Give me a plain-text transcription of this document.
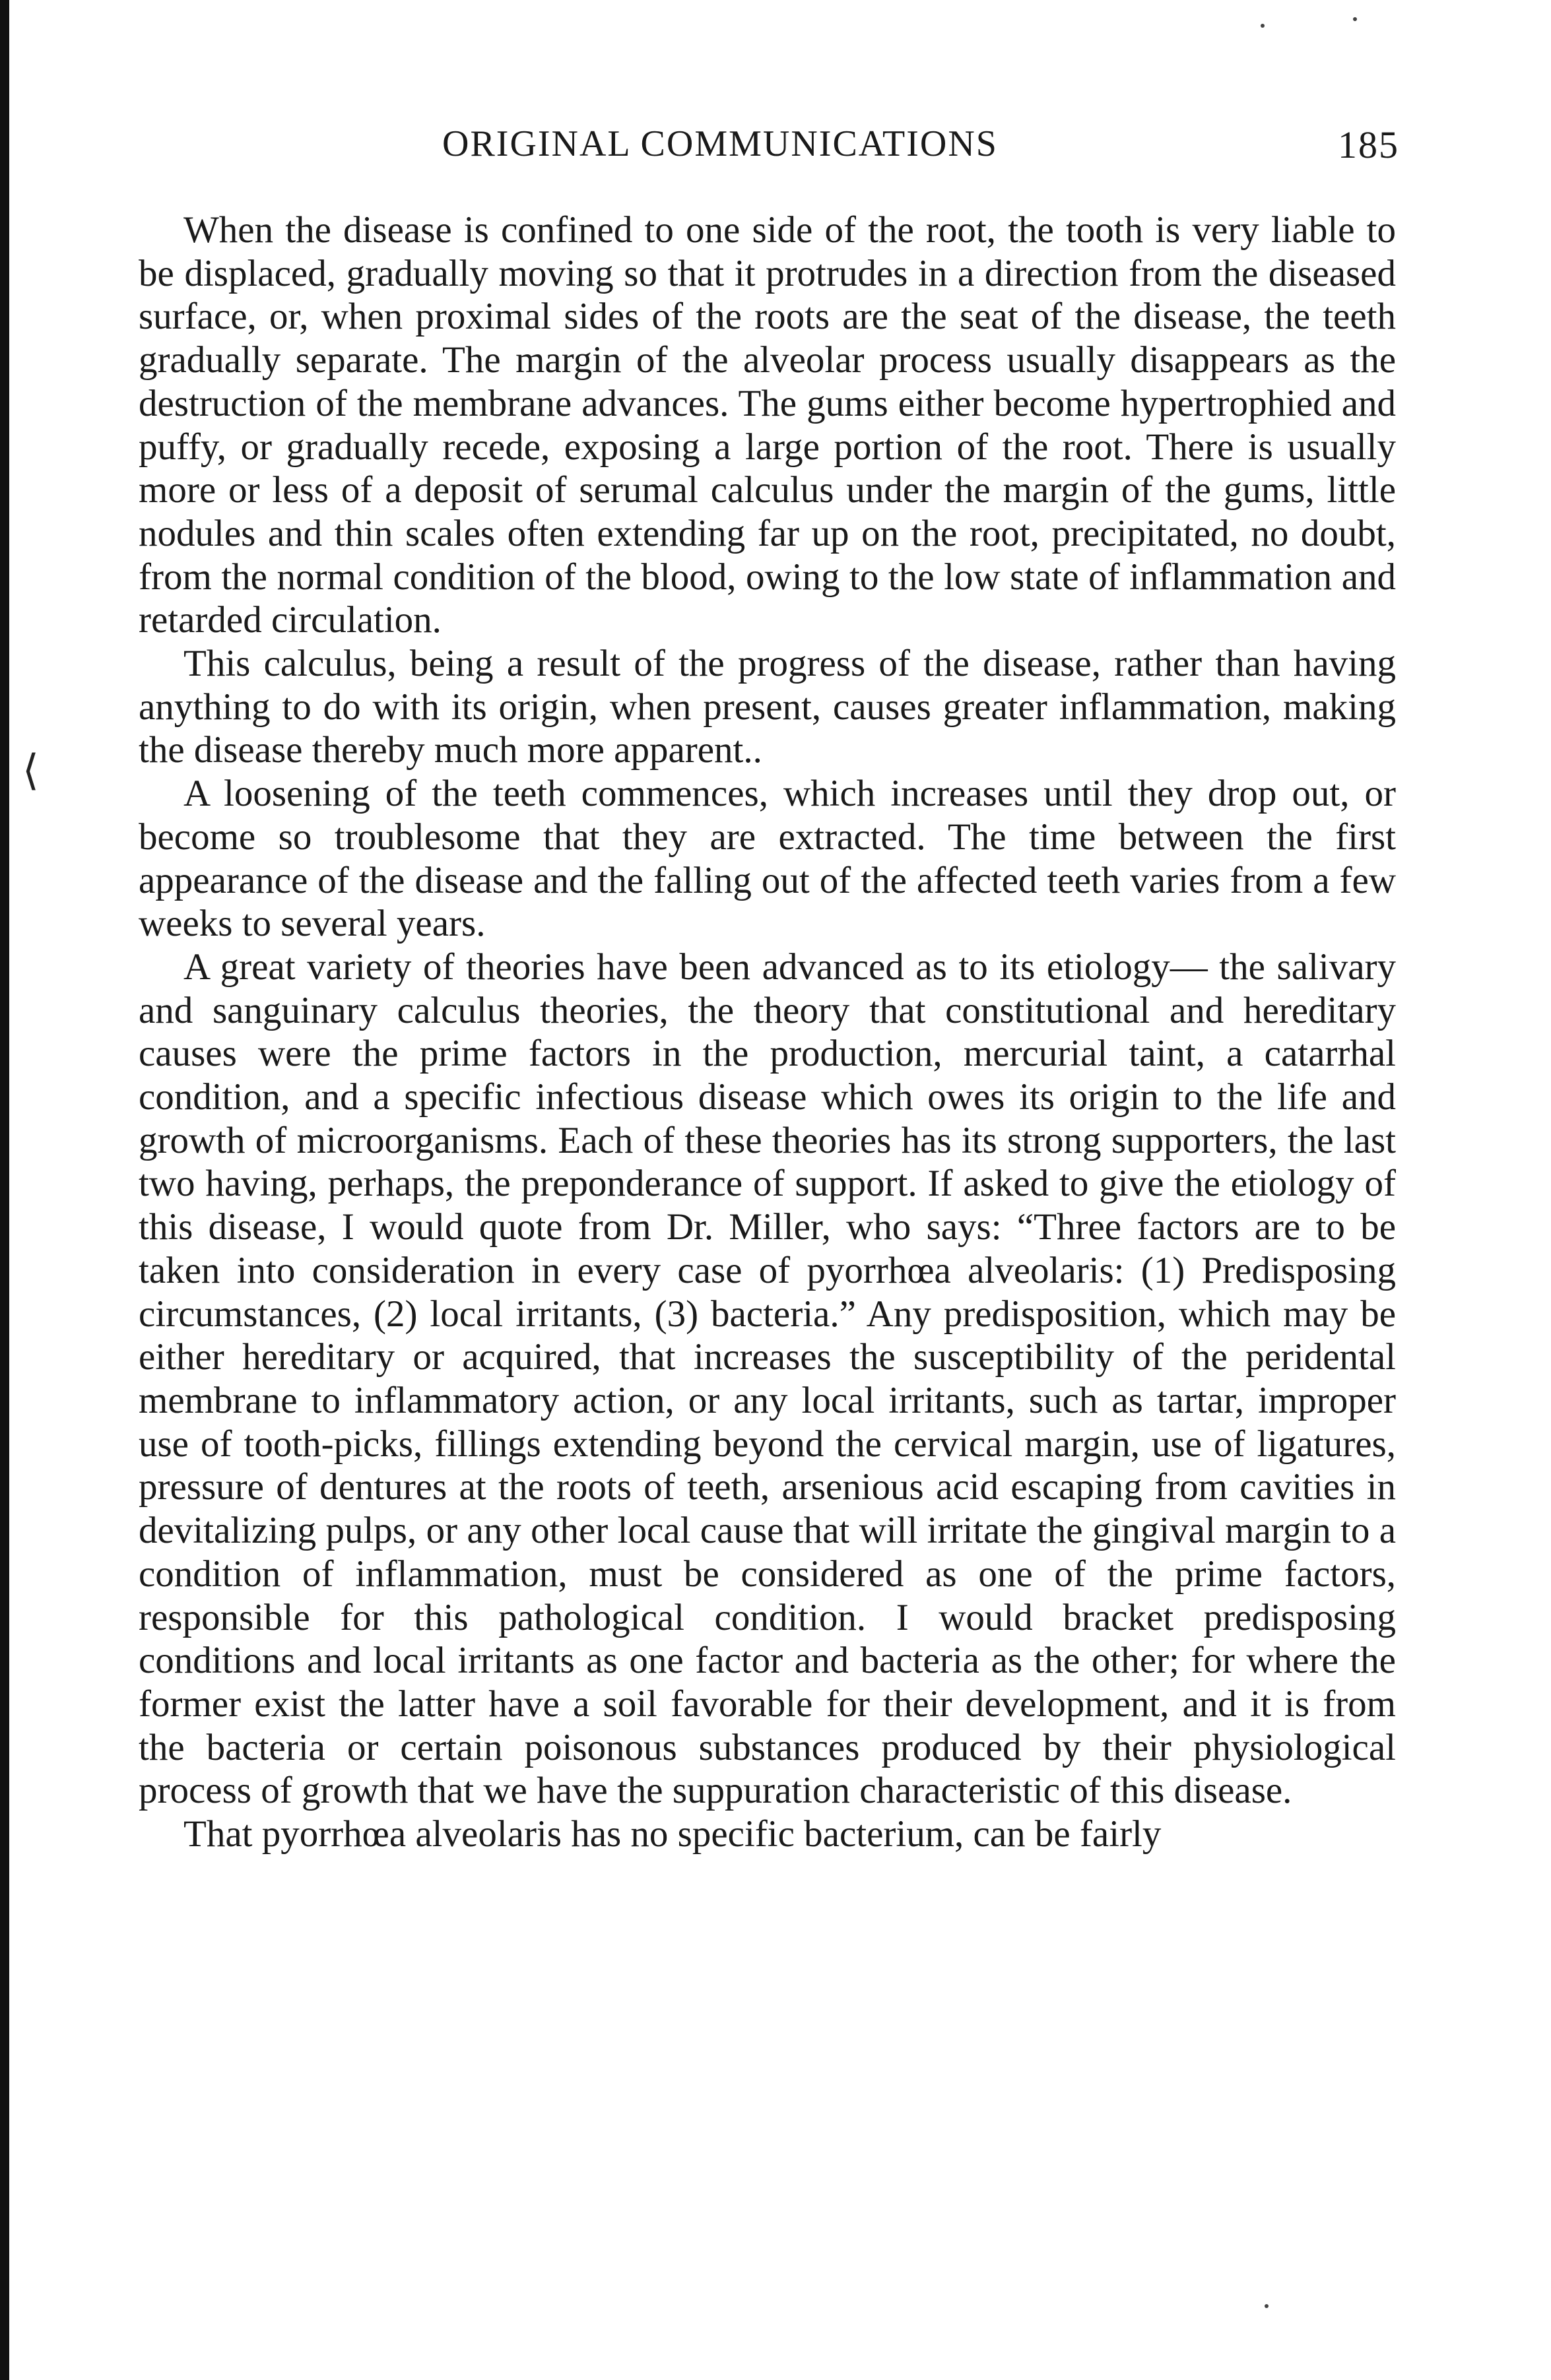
⟨
ORIGINAL COMMUNICATIONS	185

When the disease is confined to one side of the root, the tooth is very liable to be displaced, gradually moving so that it protrudes in a direction from the diseased surface, or, when proximal sides of the roots are the seat of the disease, the teeth gradually separate. The margin of the alveolar process usually disappears as the destruction of the membrane advances. The gums either become hypertrophied and puffy, or gradually recede, exposing a large portion of the root. There is usually more or less of a deposit of serumal calculus under the margin of the gums, little nodules and thin scales often extending far up on the root, precipitated, no doubt, from the normal condition of the blood, owing to the low state of inflammation and retarded circulation.

This calculus, being a result of the progress of the disease, rather than having anything to do with its origin, when present, causes greater inflammation, making the disease thereby much more apparent..

A loosening of the teeth commences, which increases until they drop out, or become so troublesome that they are extracted. The time between the first appearance of the disease and the falling out of the affected teeth varies from a few weeks to several years.

A great variety of theories have been advanced as to its etiology— the salivary and sanguinary calculus theories, the theory that constitutional and hereditary causes were the prime factors in the production, mercurial taint, a catarrhal condition, and a specific infectious disease which owes its origin to the life and growth of microorganisms. Each of these theories has its strong supporters, the last two having, perhaps, the preponderance of support. If asked to give the etiology of this disease, I would quote from Dr. Miller, who says: “Three factors are to be taken into consideration in every case of pyorrhœa alveolaris: (1) Predisposing circumstances, (2) local irritants, (3) bacteria.” Any predisposition, which may be either hereditary or acquired, that increases the susceptibility of the peridental membrane to inflammatory action, or any local irritants, such as tartar, improper use of tooth-picks, fillings extending beyond the cervical margin, use of ligatures, pressure of dentures at the roots of teeth, arsenious acid escaping from cavities in devitalizing pulps, or any other local cause that will irritate the gingival margin to a condition of inflammation, must be considered as one of the prime factors, responsible for this pathological condition. I would bracket predisposing conditions and local irritants as one factor and bacteria as the other; for where the former exist the latter have a soil favorable for their development, and it is from the bacteria or certain poisonous substances produced by their physiological process of growth that we have the suppuration characteristic of this disease.

That pyorrhœa alveolaris has no specific bacterium, can be fairly
